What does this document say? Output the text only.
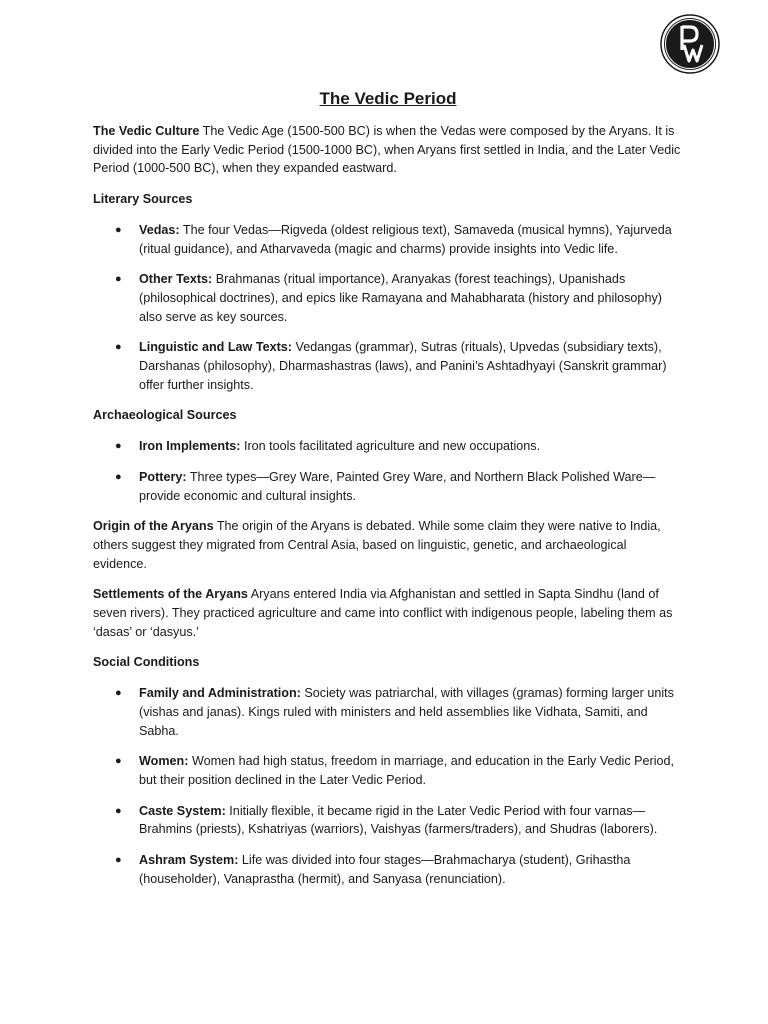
The Vedic Period

The Vedic Culture The Vedic Age (1500-500 BC) is when the Vedas were composed by the Aryans. It is divided into the Early Vedic Period (1500-1000 BC), when Aryans first settled in India, and the Later Vedic Period (1000-500 BC), when they expanded eastward.

Literary Sources
● Vedas: The four Vedas—Rigveda (oldest religious text), Samaveda (musical hymns), Yajurveda (ritual guidance), and Atharvaveda (magic and charms) provide insights into Vedic life.
● Other Texts: Brahmanas (ritual importance), Aranyakas (forest teachings), Upanishads (philosophical doctrines), and epics like Ramayana and Mahabharata (history and philosophy) also serve as key sources.
● Linguistic and Law Texts: Vedangas (grammar), Sutras (rituals), Upvedas (subsidiary texts), Darshanas (philosophy), Dharmashastras (laws), and Panini’s Ashtadhyayi (Sanskrit grammar) offer further insights.
Archaeological Sources
● Iron Implements: Iron tools facilitated agriculture and new occupations.
● Pottery: Three types—Grey Ware, Painted Grey Ware, and Northern Black Polished Ware—provide economic and cultural insights.

Origin of the Aryans The origin of the Aryans is debated. While some claim they were native to India, others suggest they migrated from Central Asia, based on linguistic, genetic, and archaeological evidence.

Settlements of the Aryans Aryans entered India via Afghanistan and settled in Sapta Sindhu (land of seven rivers). They practiced agriculture and came into conflict with indigenous people, labeling them as ‘dasas’ or ‘dasyus.’

Social Conditions
● Family and Administration: Society was patriarchal, with villages (gramas) forming larger units (vishas and janas). Kings ruled with ministers and held assemblies like Vidhata, Samiti, and Sabha.
● Women: Women had high status, freedom in marriage, and education in the Early Vedic Period, but their position declined in the Later Vedic Period.
● Caste System: Initially flexible, it became rigid in the Later Vedic Period with four varnas—Brahmins (priests), Kshatriyas (warriors), Vaishyas (farmers/traders), and Shudras (laborers).
● Ashram System: Life was divided into four stages—Brahmacharya (student), Grihastha (householder), Vanaprastha (hermit), and Sanyasa (renunciation).
